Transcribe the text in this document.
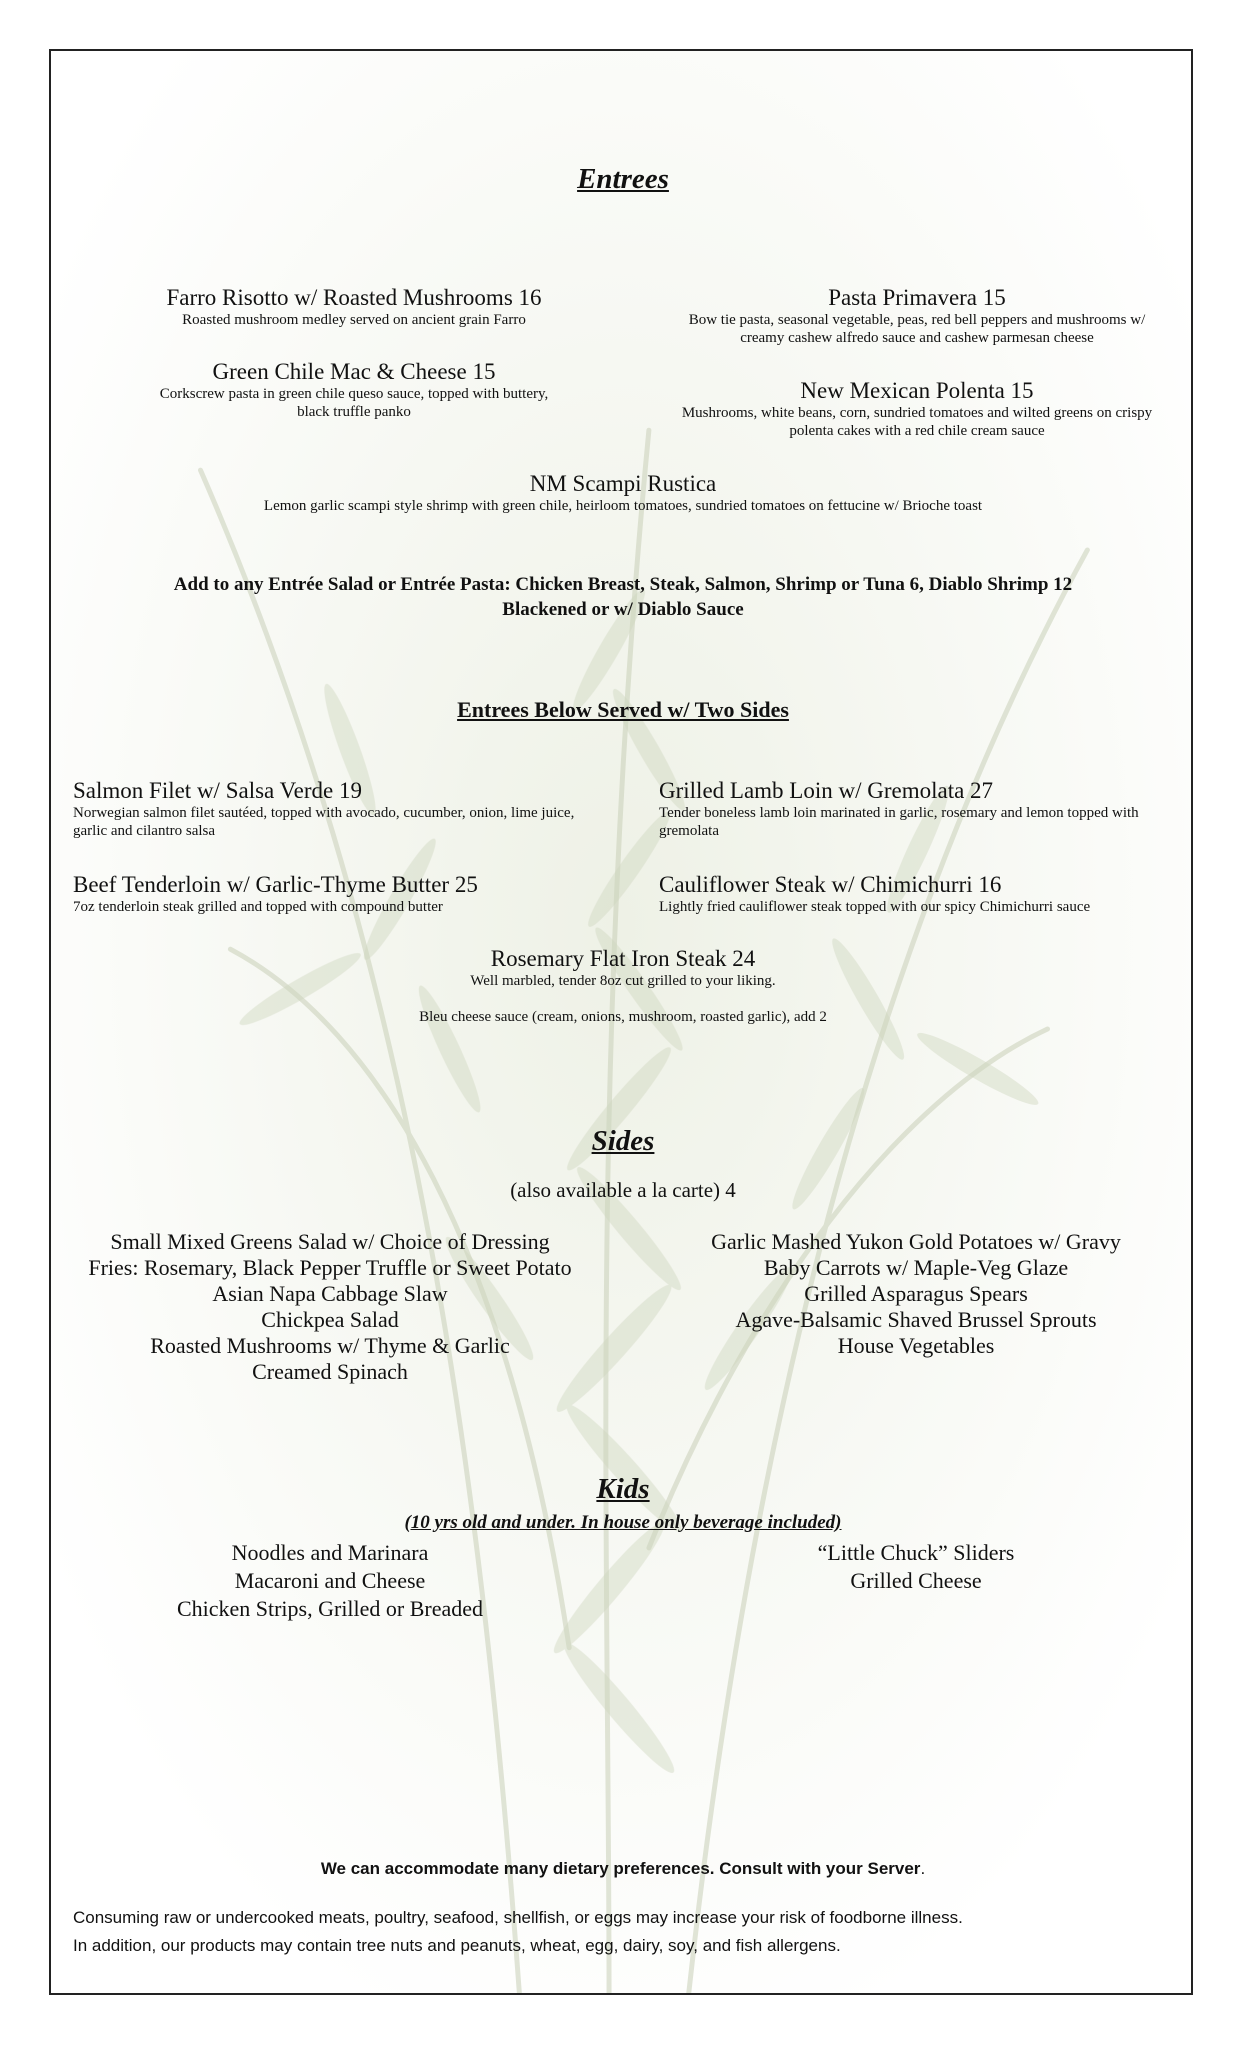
Entrees
Farro Risotto w/ Roasted Mushrooms 16
Roasted mushroom medley served on ancient grain Farro
Green Chile Mac & Cheese 15
Corkscrew pasta in green chile queso sauce, topped with buttery, black truffle panko
Pasta Primavera 15
Bow tie pasta, seasonal vegetable, peas, red bell peppers and mushrooms w/ creamy cashew alfredo sauce and cashew parmesan cheese
New Mexican Polenta 15
Mushrooms, white beans, corn, sundried tomatoes and wilted greens on crispy polenta cakes with a red chile cream sauce
NM Scampi Rustica
Lemon garlic scampi style shrimp with green chile, heirloom tomatoes, sundried tomatoes on fettucine w/ Brioche toast
Add to any Entrée Salad or Entrée Pasta: Chicken Breast, Steak, Salmon, Shrimp or Tuna 6, Diablo Shrimp 12
Blackened or w/ Diablo Sauce
Entrees Below Served w/ Two Sides
Salmon Filet w/ Salsa Verde 19
Norwegian salmon filet sautéed, topped with avocado, cucumber, onion, lime juice, garlic and cilantro salsa
Beef Tenderloin w/ Garlic-Thyme Butter 25
7oz tenderloin steak grilled and topped with compound butter
Grilled Lamb Loin w/ Gremolata 27
Tender boneless lamb loin marinated in garlic, rosemary and lemon topped with gremolata
Cauliflower Steak w/ Chimichurri 16
Lightly fried cauliflower steak topped with our spicy Chimichurri sauce
Rosemary Flat Iron Steak 24
Well marbled, tender 8oz cut grilled to your liking.
Bleu cheese sauce (cream, onions, mushroom, roasted garlic), add 2
Sides
(also available a la carte) 4
Small Mixed Greens Salad w/ Choice of Dressing
Fries: Rosemary, Black Pepper Truffle or Sweet Potato
Asian Napa Cabbage Slaw
Chickpea Salad
Roasted Mushrooms w/ Thyme & Garlic
Creamed Spinach
Garlic Mashed Yukon Gold Potatoes w/ Gravy
Baby Carrots w/ Maple-Veg Glaze
Grilled Asparagus Spears
Agave-Balsamic Shaved Brussel Sprouts
House Vegetables
Kids
(10 yrs old and under. In house only beverage included)
Noodles and Marinara
Macaroni and Cheese
Chicken Strips, Grilled or Breaded
“Little Chuck” Sliders
Grilled Cheese
We can accommodate many dietary preferences. Consult with your Server.
Consuming raw or undercooked meats, poultry, seafood, shellfish, or eggs may increase your risk of foodborne illness.
In addition, our products may contain tree nuts and peanuts, wheat, egg, dairy, soy, and fish allergens.
